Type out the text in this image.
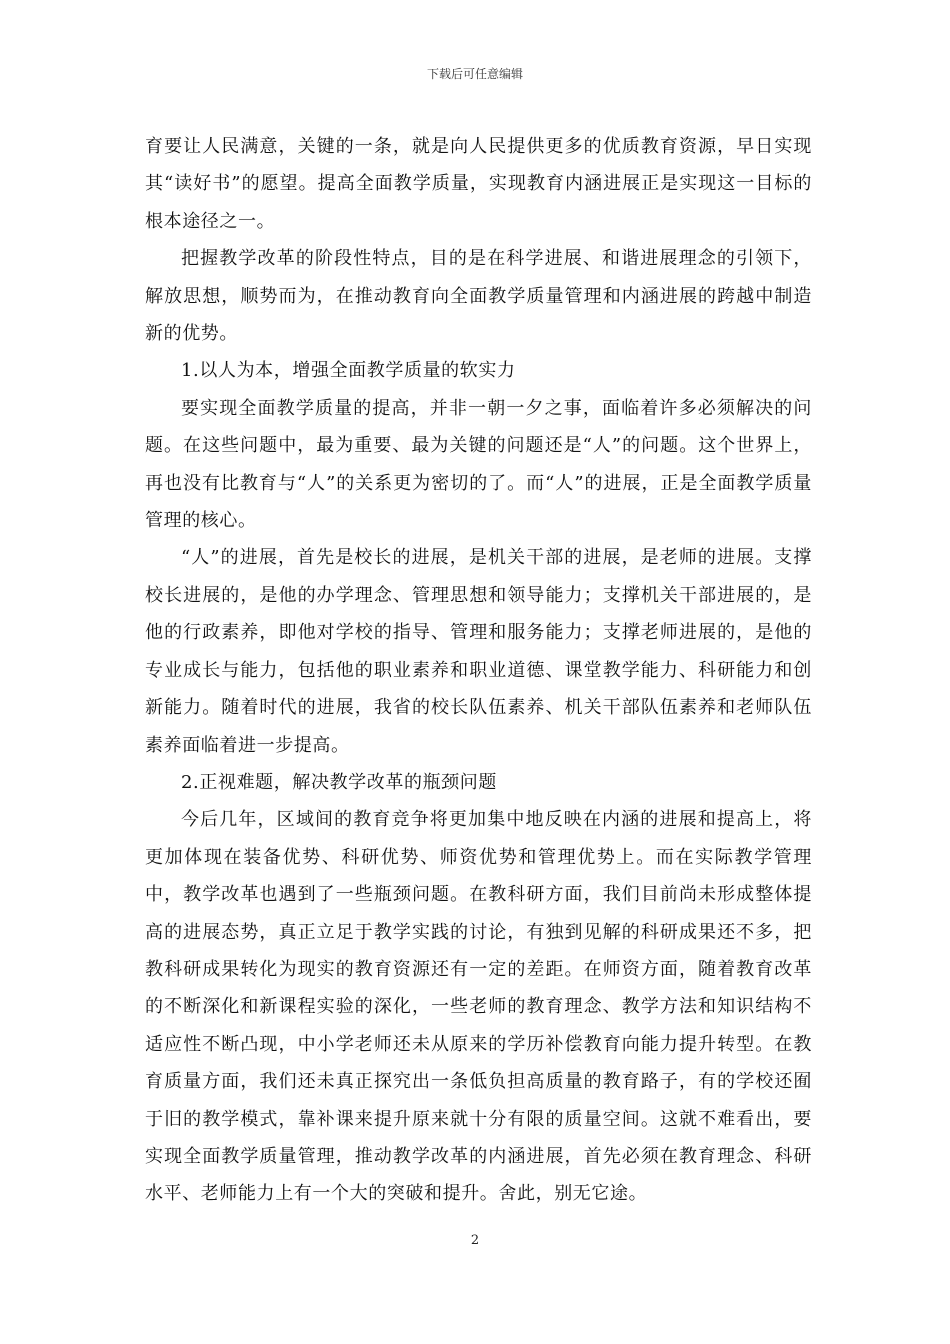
下载后可任意编辑

育要让人民满意，关键的一条，就是向人民提供更多的优质教育资源，早日实现其“读好书”的愿望。提高全面教学质量，实现教育内涵进展正是实现这一目标的根本途径之一。

把握教学改革的阶段性特点，目的是在科学进展、和谐进展理念的引领下，解放思想，顺势而为，在推动教育向全面教学质量管理和内涵进展的跨越中制造新的优势。

1.以人为本，增强全面教学质量的软实力

要实现全面教学质量的提高，并非一朝一夕之事，面临着许多必须解决的问题。在这些问题中，最为重要、最为关键的问题还是“人”的问题。这个世界上，再也没有比教育与“人”的关系更为密切的了。而“人”的进展，正是全面教学质量管理的核心。

“人”的进展，首先是校长的进展，是机关干部的进展，是老师的进展。支撑校长进展的，是他的办学理念、管理思想和领导能力；支撑机关干部进展的，是他的行政素养，即他对学校的指导、管理和服务能力；支撑老师进展的，是他的专业成长与能力，包括他的职业素养和职业道德、课堂教学能力、科研能力和创新能力。随着时代的进展，我省的校长队伍素养、机关干部队伍素养和老师队伍素养面临着进一步提高。

2.正视难题，解决教学改革的瓶颈问题

今后几年，区域间的教育竞争将更加集中地反映在内涵的进展和提高上，将更加体现在装备优势、科研优势、师资优势和管理优势上。而在实际教学管理中，教学改革也遇到了一些瓶颈问题。在教科研方面，我们目前尚未形成整体提高的进展态势，真正立足于教学实践的讨论，有独到见解的科研成果还不多，把教科研成果转化为现实的教育资源还有一定的差距。在师资方面，随着教育改革的不断深化和新课程实验的深化，一些老师的教育理念、教学方法和知识结构不适应性不断凸现，中小学老师还未从原来的学历补偿教育向能力提升转型。在教育质量方面，我们还未真正探究出一条低负担高质量的教育路子，有的学校还囿于旧的教学模式，靠补课来提升原来就十分有限的质量空间。这就不难看出，要实现全面教学质量管理，推动教学改革的内涵进展，首先必须在教育理念、科研水平、老师能力上有一个大的突破和提升。舍此，别无它途。

2
